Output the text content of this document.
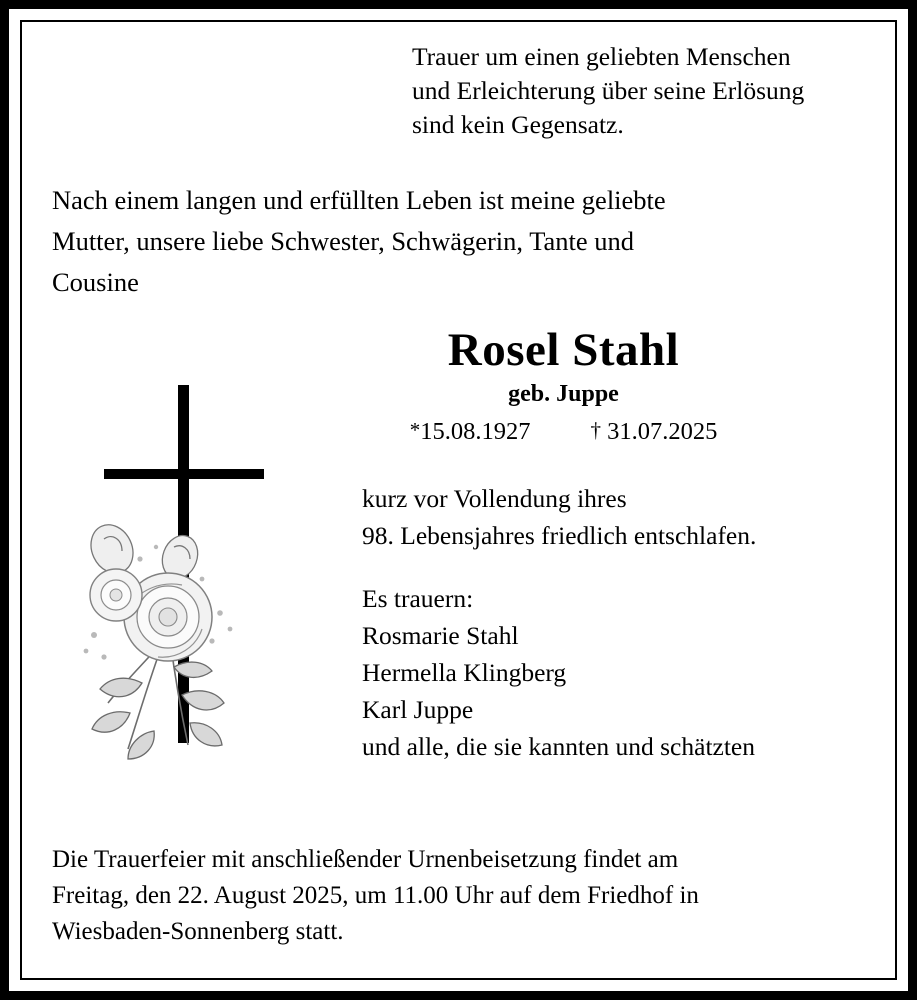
Trauer um einen geliebten Menschen
und Erleichterung über seine Erlösung
sind kein Gegensatz.
Nach einem langen und erfüllten Leben ist meine geliebte
Mutter, unsere liebe Schwester, Schwägerin, Tante und
Cousine
Rosel Stahl
geb. Juppe
*15.08.1927	† 31.07.2025
kurz vor Vollendung ihres
98. Lebensjahres friedlich entschlafen.
Es trauern:
Rosmarie Stahl
Hermella Klingberg
Karl Juppe
und alle, die sie kannten und schätzten
Die Trauerfeier mit anschließender Urnenbeisetzung findet am
Freitag, den 22. August 2025, um 11.00 Uhr auf dem Friedhof in
Wiesbaden-Sonnenberg statt.
